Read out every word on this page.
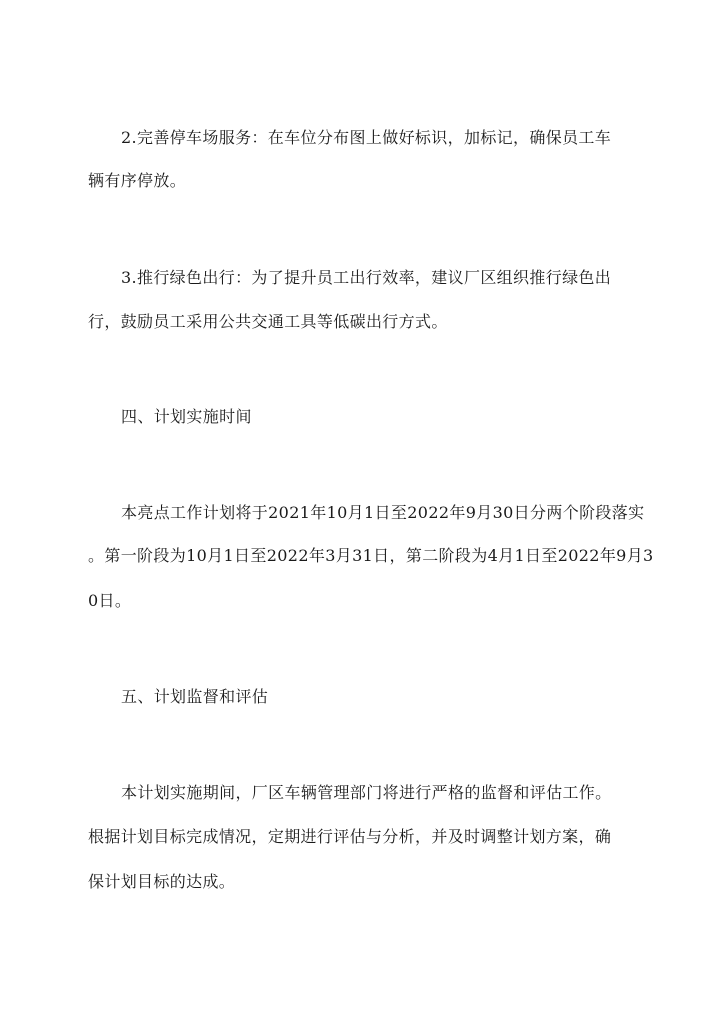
2.完善停车场服务：在车位分布图上做好标识，加标记，确保员工车
辆有序停放。
3.推行绿色出行：为了提升员工出行效率，建议厂区组织推行绿色出
行，鼓励员工采用公共交通工具等低碳出行方式。
四、计划实施时间
本亮点工作计划将于2021年10月1日至2022年9月30日分两个阶段落实
。第一阶段为10月1日至2022年3月31日，第二阶段为4月1日至2022年9月3
0日。
五、计划监督和评估
本计划实施期间，厂区车辆管理部门将进行严格的监督和评估工作。
根据计划目标完成情况，定期进行评估与分析，并及时调整计划方案，确
保计划目标的达成。
